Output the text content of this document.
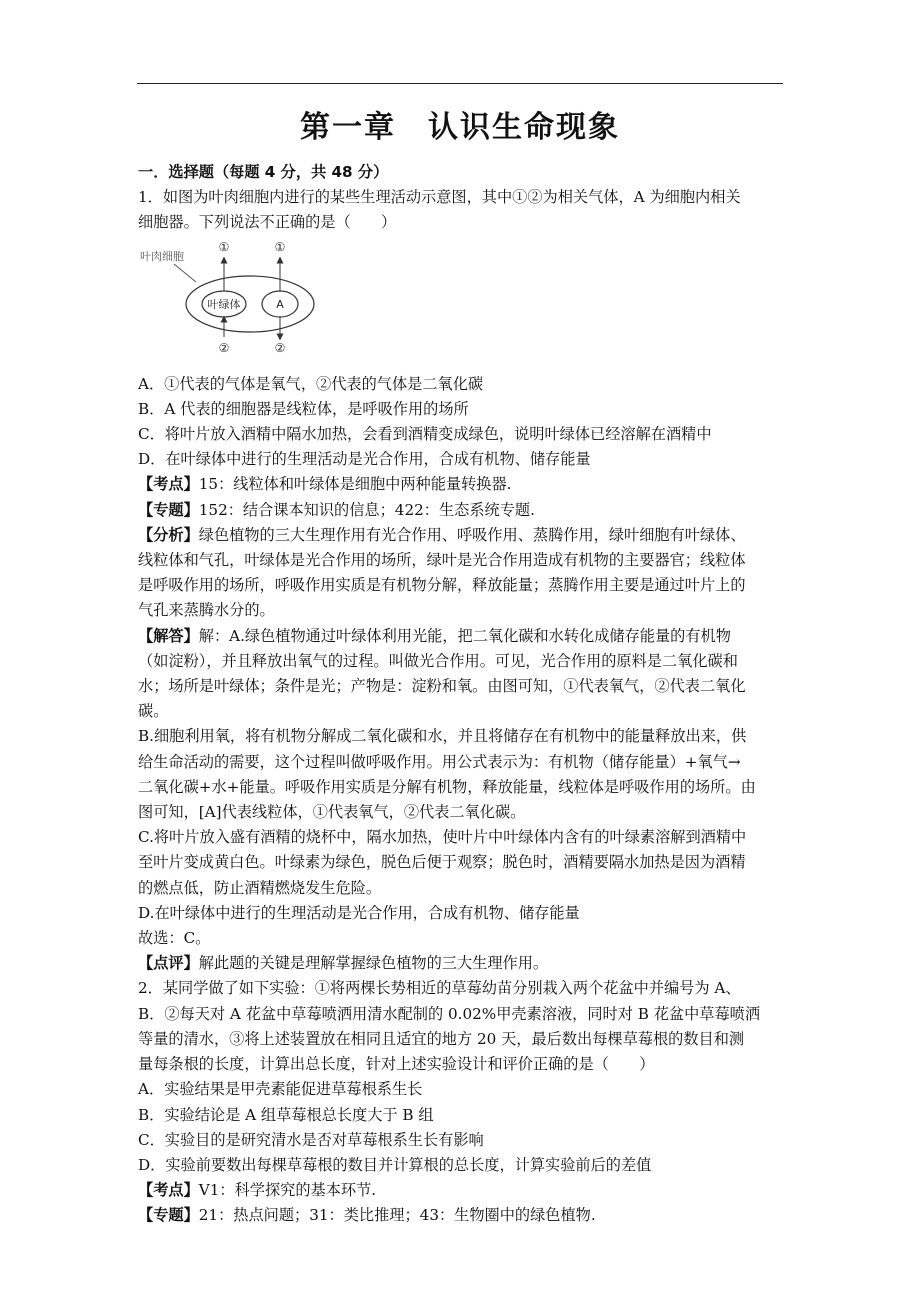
第一章　认识生命现象

一．选择题（每题 4 分，共 48 分）

1．如图为叶肉细胞内进行的某些生理活动示意图，其中①②为相关气体，A 为细胞内相关

细胞器。下列说法不正确的是（　　）

叶肉细胞
叶绿体	A
①	①
②	②

A．①代表的气体是氧气，②代表的气体是二氧化碳

B．A 代表的细胞器是线粒体，是呼吸作用的场所

C．将叶片放入酒精中隔水加热，会看到酒精变成绿色，说明叶绿体已经溶解在酒精中

D．在叶绿体中进行的生理活动是光合作用，合成有机物、储存能量

【考点】15：线粒体和叶绿体是细胞中两种能量转换器.

【专题】152：结合课本知识的信息；422：生态系统专题.

【分析】绿色植物的三大生理作用有光合作用、呼吸作用、蒸腾作用，绿叶细胞有叶绿体、

线粒体和气孔，叶绿体是光合作用的场所，绿叶是光合作用造成有机物的主要器官；线粒体

是呼吸作用的场所，呼吸作用实质是有机物分解，释放能量；蒸腾作用主要是通过叶片上的

气孔来蒸腾水分的。

【解答】解：A.绿色植物通过叶绿体利用光能，把二氧化碳和水转化成储存能量的有机物

（如淀粉），并且释放出氧气的过程。叫做光合作用。可见，光合作用的原料是二氧化碳和

水；场所是叶绿体；条件是光；产物是：淀粉和氧。由图可知，①代表氧气，②代表二氧化

碳。

B.细胞利用氧，将有机物分解成二氧化碳和水，并且将储存在有机物中的能量释放出来，供

给生命活动的需要，这个过程叫做呼吸作用。用公式表示为：有机物（储存能量）+氧气→

二氧化碳+水+能量。呼吸作用实质是分解有机物，释放能量，线粒体是呼吸作用的场所。由

图可知，[A]代表线粒体，①代表氧气，②代表二氧化碳。

C.将叶片放入盛有酒精的烧杯中，隔水加热，使叶片中叶绿体内含有的叶绿素溶解到酒精中

至叶片变成黄白色。叶绿素为绿色，脱色后便于观察；脱色时，酒精要隔水加热是因为酒精

的燃点低，防止酒精燃烧发生危险。

D.在叶绿体中进行的生理活动是光合作用，合成有机物、储存能量

故选：C。

【点评】解此题的关键是理解掌握绿色植物的三大生理作用。

2．某同学做了如下实验：①将两棵长势相近的草莓幼苗分别栽入两个花盆中并编号为 A、

B．②每天对 A 花盆中草莓喷洒用清水配制的 0.02%甲壳素溶液，同时对 B 花盆中草莓喷洒

等量的清水，③将上述装置放在相同且适宜的地方 20 天，最后数出每棵草莓根的数目和测

量每条根的长度，计算出总长度，针对上述实验设计和评价正确的是（　　）

A．实验结果是甲壳素能促进草莓根系生长

B．实验结论是 A 组草莓根总长度大于 B 组

C．实验目的是研究清水是否对草莓根系生长有影响

D．实验前要数出每棵草莓根的数目并计算根的总长度，计算实验前后的差值

【考点】V1：科学探究的基本环节.

【专题】21：热点问题；31：类比推理；43：生物圈中的绿色植物.
